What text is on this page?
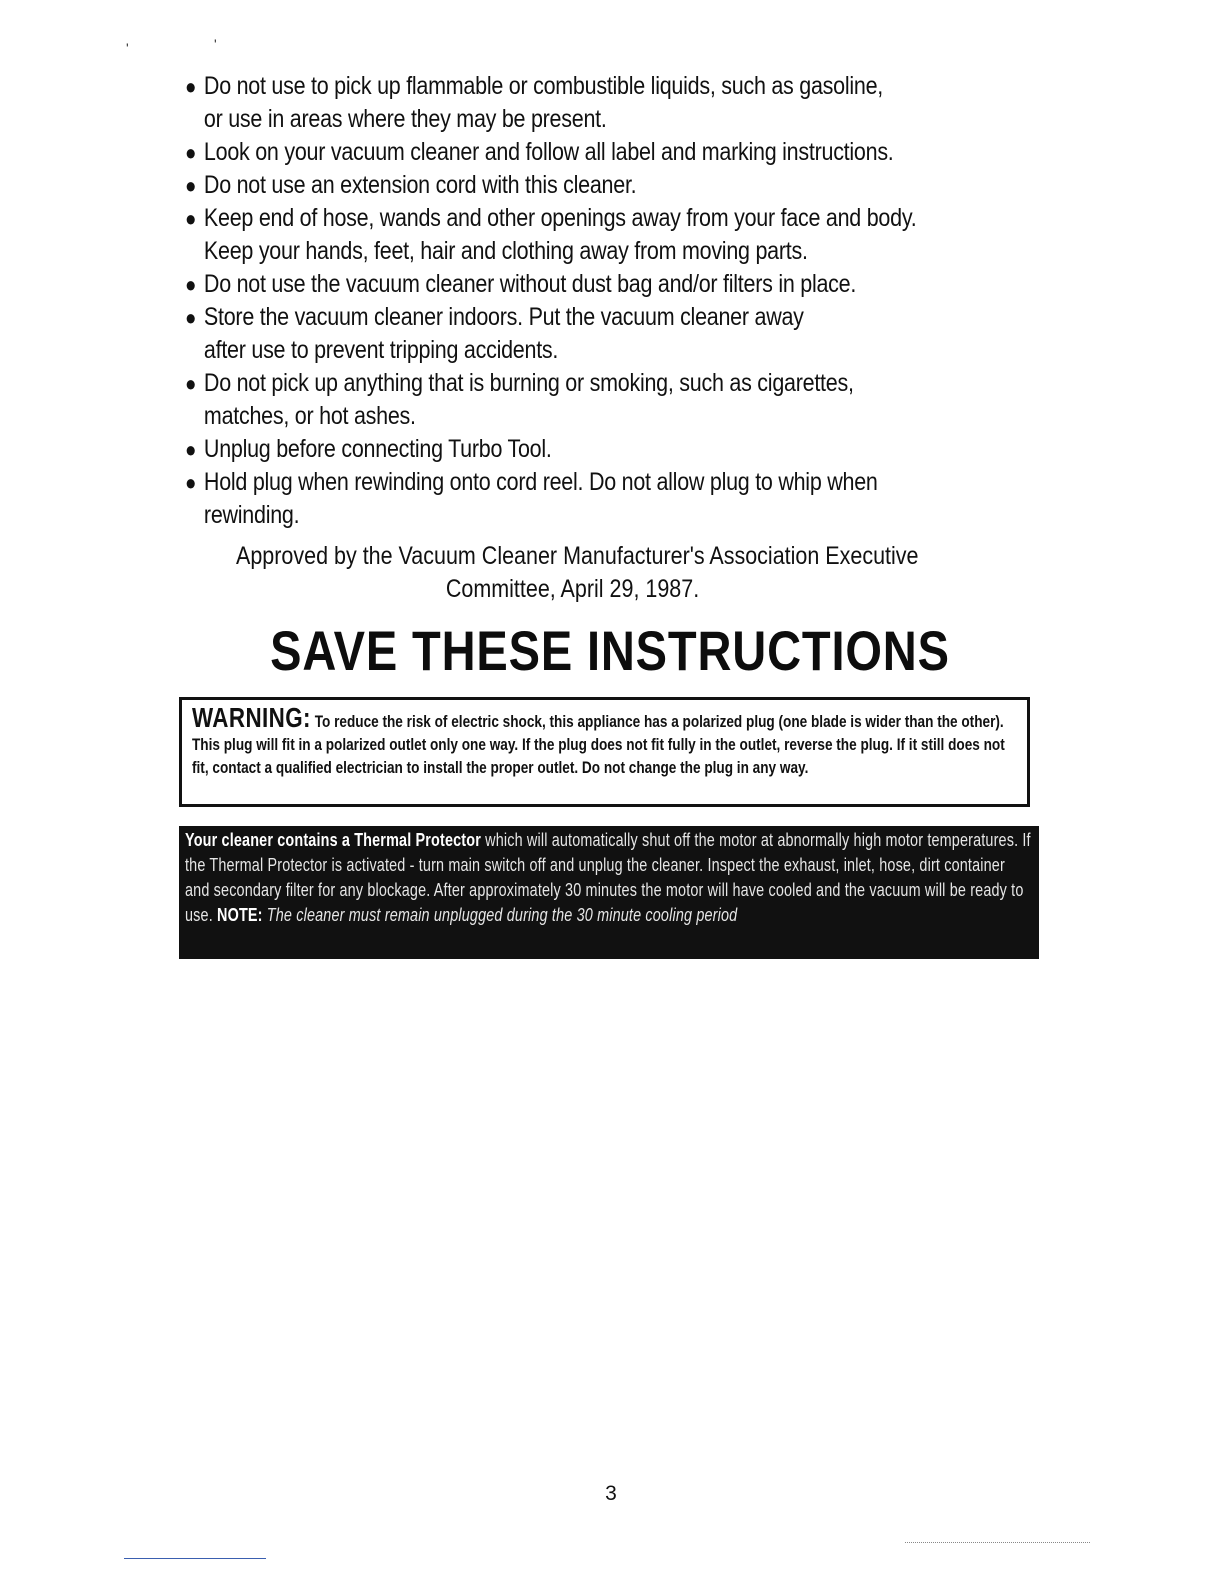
'	'
● Do not use to pick up flammable or combustible liquids, such as gasoline,
or use in areas where they may be present.
● Look on your vacuum cleaner and follow all label and marking instructions.
● Do not use an extension cord with this cleaner.
● Keep end of hose, wands and other openings away from your face and body.
Keep your hands, feet, hair and clothing away from moving parts.
● Do not use the vacuum cleaner without dust bag and/or filters in place.
● Store the vacuum cleaner indoors. Put the vacuum cleaner away
after use to prevent tripping accidents.
● Do not pick up anything that is burning or smoking, such as cigarettes,
matches, or hot ashes.
● Unplug before connecting Turbo Tool.
● Hold plug when rewinding onto cord reel. Do not allow plug to whip when
rewinding.
Approved by the Vacuum Cleaner Manufacturer's Association Executive
Committee, April 29, 1987.
SAVE THESE INSTRUCTIONS
WARNING: To reduce the risk of electric shock, this appliance has a polarized plug (one blade is wider than the other). This plug will fit in a polarized outlet only one way. If the plug does not fit fully in the outlet, reverse the plug. If it still does not fit, contact a qualified electrician to install the proper outlet. Do not change the plug in any way.
Your cleaner contains a Thermal Protector which will automatically shut off the motor at abnormally high motor temperatures. If the Thermal Protector is activated - turn main switch off and unplug the cleaner. Inspect the exhaust, inlet, hose, dirt container and secondary filter for any blockage. After approximately 30 minutes the motor will have cooled and the vacuum will be ready to use. NOTE: The cleaner must remain unplugged during the 30 minute cooling period
3
